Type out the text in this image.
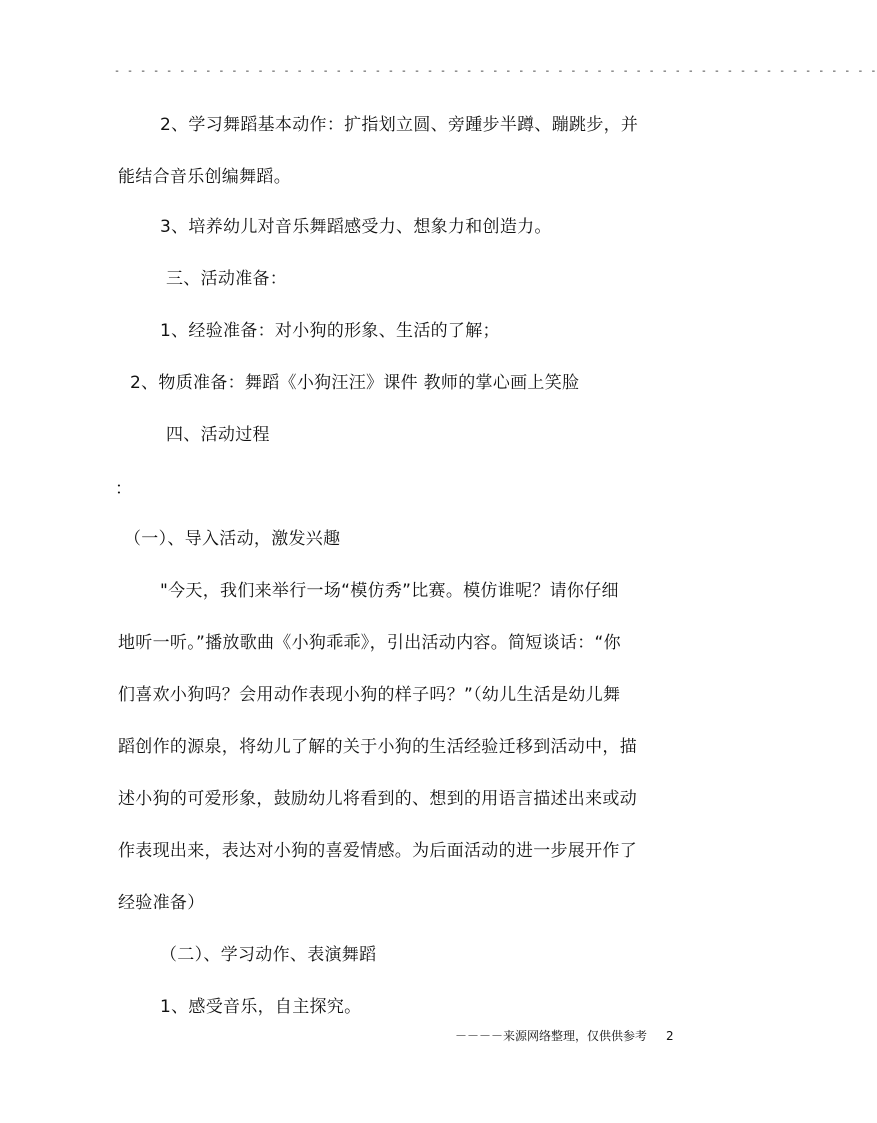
- - - - - - - - - - - - - - - - - - - - - - - - - - - - - - - - - - - - - - - - - - - - - - - - - - - - - - - - - - -
2、学习舞蹈基本动作：扩指划立圆、旁踵步半蹲、蹦跳步，并
能结合音乐创编舞蹈。
3、培养幼儿对音乐舞蹈感受力、想象力和创造力。
三、活动准备：
1、经验准备：对小狗的形象、生活的了解；
2、物质准备：舞蹈《小狗汪汪》课件 教师的掌心画上笑脸
四、活动过程
：
（一）、导入活动，激发兴趣
"今天，我们来举行一场“模仿秀”比赛。模仿谁呢？请你仔细
地听一听。”播放歌曲《小狗乖乖》，引出活动内容。简短谈话：“你
们喜欢小狗吗？会用动作表现小狗的样子吗？”（幼儿生活是幼儿舞
蹈创作的源泉，将幼儿了解的关于小狗的生活经验迁移到活动中，描
述小狗的可爱形象，鼓励幼儿将看到的、想到的用语言描述出来或动
作表现出来，表达对小狗的喜爱情感。为后面活动的进一步展开作了
经验准备）
（二）、学习动作、表演舞蹈
1、感受音乐，自主探究。
－－－－来源网络整理，仅供供参考 2
